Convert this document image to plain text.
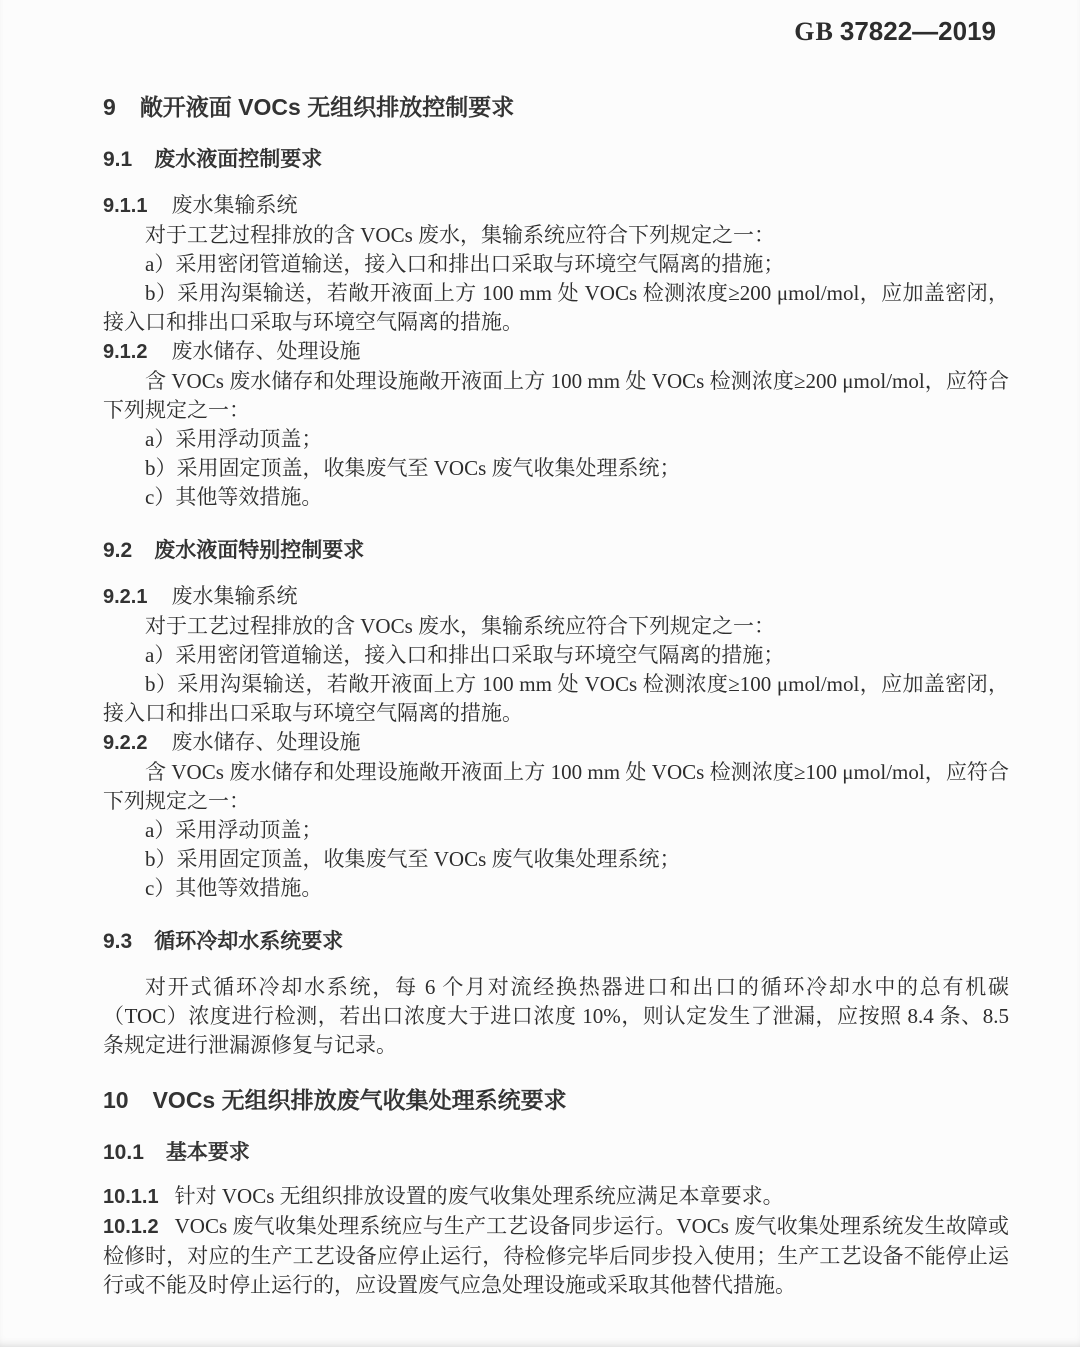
GB 37822—2019
9 敞开液面 VOCs 无组织排放控制要求
9.1 废水液面控制要求
9.1.1 废水集输系统

对于工艺过程排放的含 VOCs 废水，集输系统应符合下列规定之一：

a）采用密闭管道输送，接入口和排出口采取与环境空气隔离的措施；

b）采用沟渠输送，若敞开液面上方 100 mm 处 VOCs 检测浓度≥200 μmol/mol，应加盖密闭，接入口和排出口采取与环境空气隔离的措施。

9.1.2 废水储存、处理设施

含 VOCs 废水储存和处理设施敞开液面上方 100 mm 处 VOCs 检测浓度≥200 μmol/mol，应符合下列规定之一：

a）采用浮动顶盖；

b）采用固定顶盖，收集废气至 VOCs 废气收集处理系统；

c）其他等效措施。

9.2 废水液面特别控制要求
9.2.1 废水集输系统

对于工艺过程排放的含 VOCs 废水，集输系统应符合下列规定之一：

a）采用密闭管道输送，接入口和排出口采取与环境空气隔离的措施；

b）采用沟渠输送，若敞开液面上方 100 mm 处 VOCs 检测浓度≥100 μmol/mol，应加盖密闭，接入口和排出口采取与环境空气隔离的措施。

9.2.2 废水储存、处理设施

含 VOCs 废水储存和处理设施敞开液面上方 100 mm 处 VOCs 检测浓度≥100 μmol/mol，应符合下列规定之一：

a）采用浮动顶盖；

b）采用固定顶盖，收集废气至 VOCs 废气收集处理系统；

c）其他等效措施。

9.3 循环冷却水系统要求

对开式循环冷却水系统，每 6 个月对流经换热器进口和出口的循环冷却水中的总有机碳（TOC）浓度进行检测，若出口浓度大于进口浓度 10%，则认定发生了泄漏，应按照 8.4 条、8.5 条规定进行泄漏源修复与记录。

10 VOCs 无组织排放废气收集处理系统要求
10.1 基本要求

10.1.1 针对 VOCs 无组织排放设置的废气收集处理系统应满足本章要求。

10.1.2 VOCs 废气收集处理系统应与生产工艺设备同步运行。VOCs 废气收集处理系统发生故障或检修时，对应的生产工艺设备应停止运行，待检修完毕后同步投入使用；生产工艺设备不能停止运行或不能及时停止运行的，应设置废气应急处理设施或采取其他替代措施。
